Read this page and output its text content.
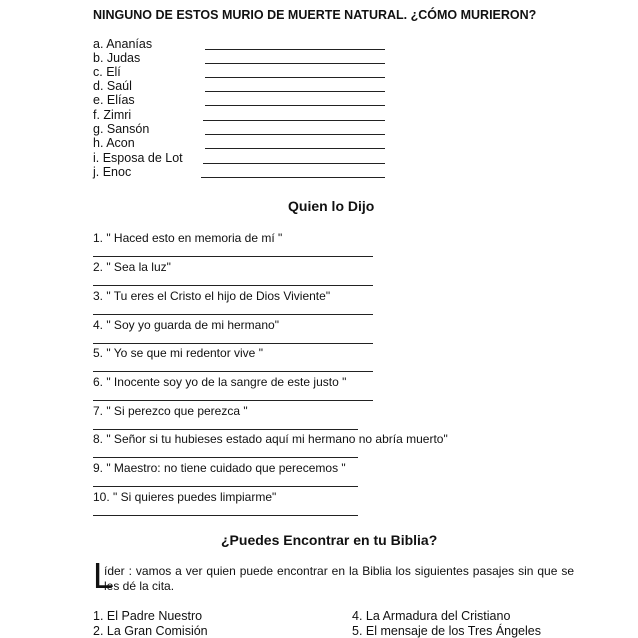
NINGUNO DE ESTOS MURIO DE MUERTE NATURAL. ¿CÓMO MURIERON?
a. Ananías
b. Judas
c. Elí
d. Saúl
e. Elías
f. Zimri
g. Sansón
h. Acon
i. Esposa de Lot
j. Enoc
Quien lo Dijo
1. " Haced esto en memoria de mí "
2. " Sea la luz"
3. " Tu eres el Cristo el hijo de Dios Viviente"
4. " Soy yo guarda de mi hermano"
5. " Yo se que mi redentor vive "
6. " Inocente soy yo de la sangre de este justo "
7. " Si perezco que perezca "
8. " Señor si tu hubieses estado aquí mi hermano no abría muerto"
9. " Maestro: no tiene cuidado que perecemos "
10. " Si quieres puedes limpiarme"
¿Puedes Encontrar en tu Biblia?
L
íder : vamos a ver quien puede encontrar en la Biblia los siguientes pasajes sin que se les dé la cita.
1. El Padre Nuestro
2. La Gran Comisión
4. La Armadura del Cristiano
5. El mensaje de los Tres Ángeles
